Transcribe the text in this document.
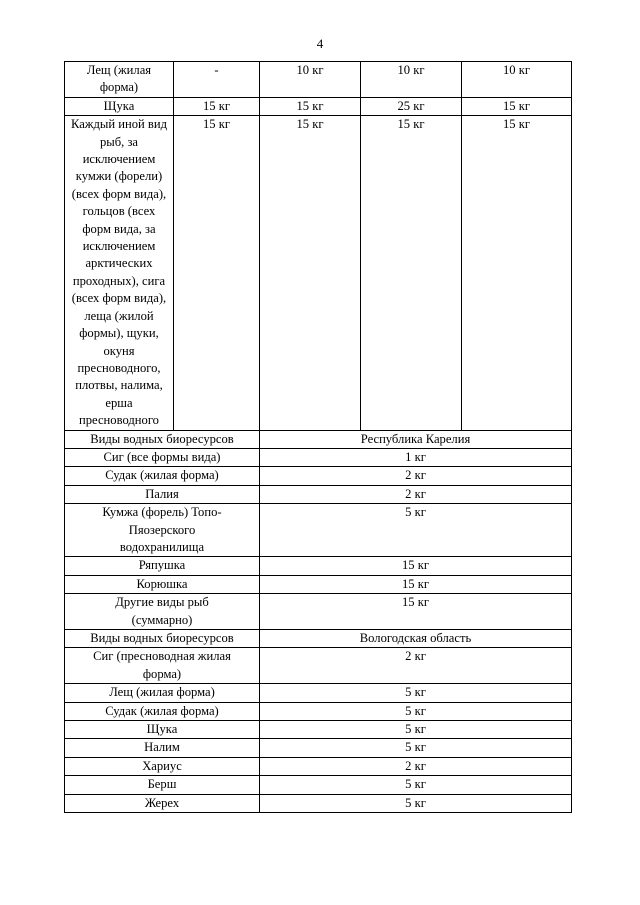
4
Лещ (жилая форма)	-	10 кг	10 кг	10 кг
Щука	15 кг	15 кг	25 кг	15 кг
Каждый иной вид рыб, за исключением кумжи (форели) (всех форм вида), гольцов (всех форм вида, за исключением арктических проходных), сига (всех форм вида), леща (жилой формы), щуки, окуня пресноводного, плотвы, налима, ерша пресноводного	15 кг	15 кг	15 кг	15 кг
Виды водных биоресурсов		Республика Карелия		
Сиг (все формы вида)		1 кг		
Судак (жилая форма)		2 кг		
Палия		2 кг		
Кумжа (форель) Топо-Пяозерского водохранилища		5 кг		
Ряпушка		15 кг		
Корюшка		15 кг		
Другие виды рыб (суммарно)		15 кг		
Виды водных биоресурсов		Вологодская область		
Сиг (пресноводная жилая форма)		2 кг		
Лещ (жилая форма)		5 кг		
Судак (жилая форма)		5 кг		
Щука		5 кг		
Налим		5 кг		
Хариус		2 кг		
Берш		5 кг		
Жерех		5 кг		
